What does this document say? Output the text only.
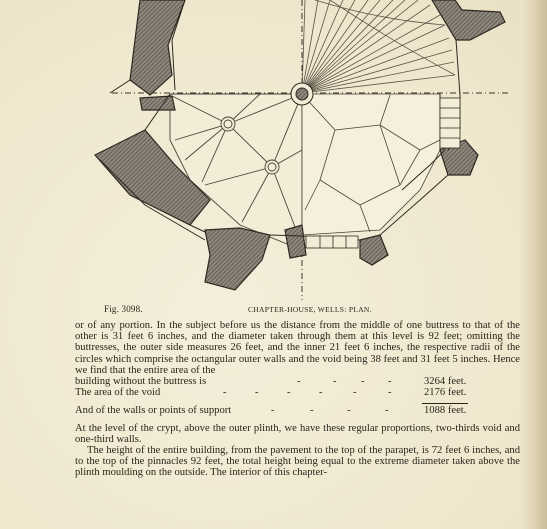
Fig. 3098.	CHAPTER-HOUSE, WELLS: PLAN.

or of any portion. In the subject before us the distance from the middle of one buttress to that of the other is 31 feet 6 inches, and the diameter taken through them at this level is 92 feet; omitting the buttresses, the outer side measures 26 feet, and the inner 21 feet 6 inches, the respective radii of the circles which comprise the octangular outer walls and the void being 38 feet and 31 feet 5 inches. Hence we find that the entire area of the

building without the buttress is	-	- - -	3264 feet.
The area of the void	-	-	-	-	-	-	2176 feet.
And of the walls or points of support	-	-	-	-	1088 feet.

At the level of the crypt, above the outer plinth, we have these regular proportions, two-thirds void and one-third walls.

The height of the entire building, from the pavement to the top of the parapet, is 72 feet 6 inches, and to the top of the pinnacles 92 feet, the total height being equal to the extreme diameter taken above the plinth moulding on the outside. The interior of this chapter-
